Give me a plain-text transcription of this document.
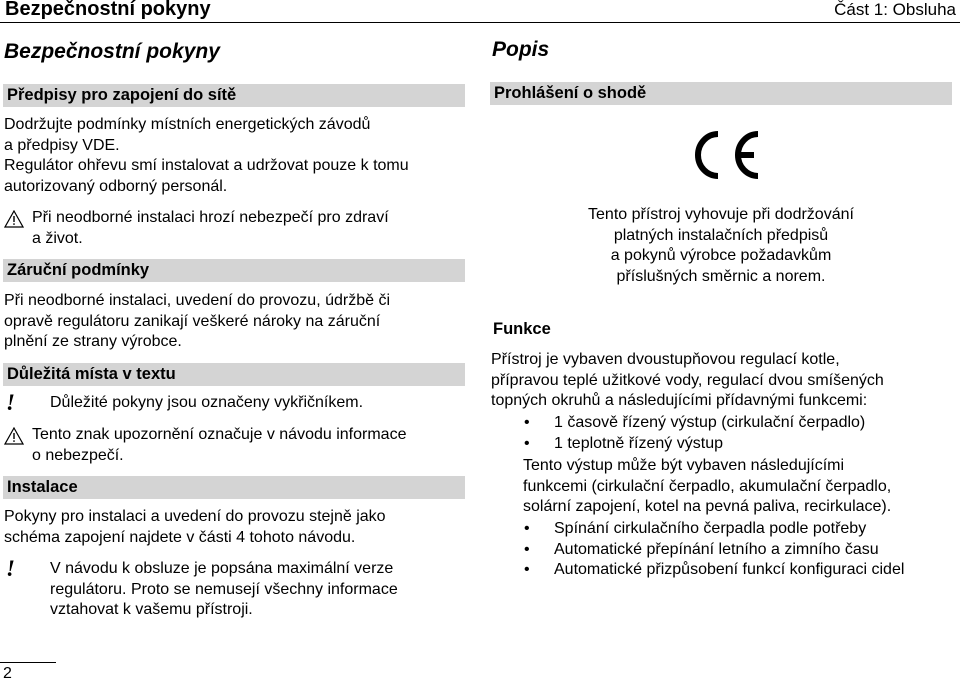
Bezpečnostní pokyny	Část 1: Obsluha
Bezpečnostní pokyny
Předpisy pro zapojení do sítě
Dodržujte podmínky místních energetických závodů
a předpisy VDE.
Regulátor ohřevu smí instalovat a udržovat pouze k tomu
autorizovaný odborný personál.
Při neodborné instalaci hrozí nebezpečí pro zdraví
a život.
Záruční podmínky
Při neodborné instalaci, uvedení do provozu, údržbě či
opravě regulátoru zanikají veškeré nároky na záruční
plnění ze strany výrobce.
Důležitá místa v textu
!	Důležité pokyny jsou označeny vykřičníkem.
Tento znak upozornění označuje v návodu informace
o nebezpečí.
Instalace
Pokyny pro instalaci a uvedení do provozu stejně jako
schéma zapojení najdete v části 4 tohoto návodu.
!	V návodu k obsluze je popsána maximální verze
regulátoru. Proto se nemusejí všechny informace
vztahovat k vašemu přístroji.
Popis
Prohlášení o shodě
Tento přístroj vyhovuje při dodržování
platných instalačních předpisů
a pokynů výrobce požadavkům
příslušných směrnic a norem.
Funkce
Přístroj je vybaven dvoustupňovou regulací kotle,
přípravou teplé užitkové vody, regulací dvou smíšených
topných okruhů a následujícími přídavnými funkcemi:
• 1 časově řízený výstup (cirkulační čerpadlo)
• 1 teplotně řízený výstup
Tento výstup může být vybaven následujícími
funkcemi (cirkulační čerpadlo, akumulační čerpadlo,
solární zapojení, kotel na pevná paliva, recirkulace).
• Spínání cirkulačního čerpadla podle potřeby
• Automatické přepínání letního a zimního času
• Automatické přizpůsobení funkcí konfiguraci cidel
2
